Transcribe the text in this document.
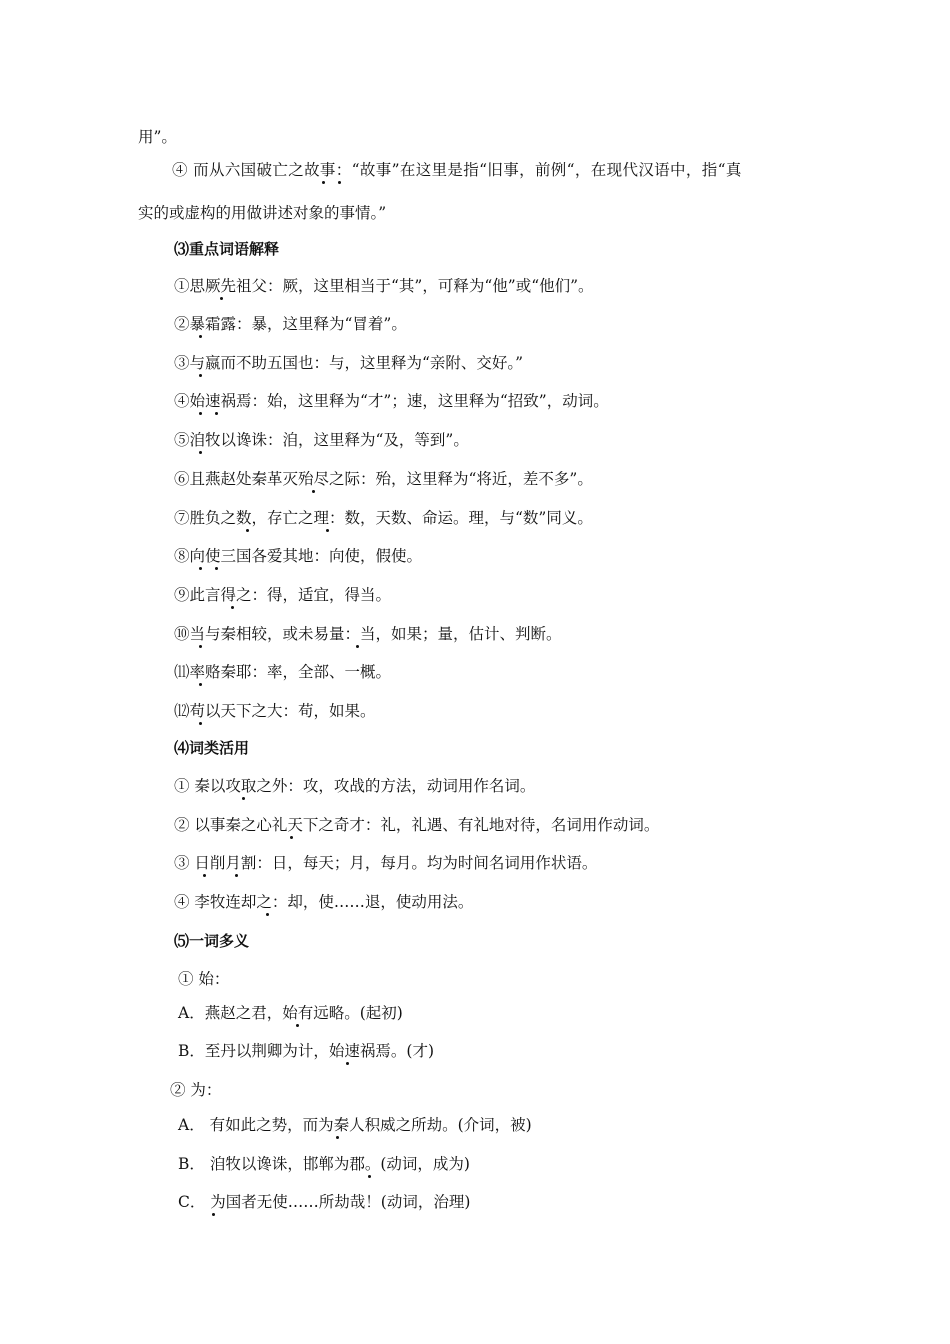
用”。
④ 而从六国破亡之故事：“故事”在这里是指“旧事，前例“，在现代汉语中，指“真
实的或虚构的用做讲述对象的事情。”
⑶重点词语解释
①思厥先祖父：厥，这里相当于“其”，可释为“他”或“他们”。
②暴霜露：暴，这里释为“冒着”。
③与嬴而不助五国也：与，这里释为“亲附、交好。”
④始速祸焉：始，这里释为“才”；速，这里释为“招致”，动词。
⑤洎牧以谗诛：洎，这里释为“及，等到”。
⑥且燕赵处秦革灭殆尽之际：殆，这里释为“将近，差不多”。
⑦胜负之数，存亡之理：数，天数、命运。理，与“数”同义。
⑧向使三国各爱其地：向使，假使。
⑨此言得之：得，适宜，得当。
⑩当与秦相较，或未易量：当，如果；量，估计、判断。
⑾率赂秦耶：率，全部、一概。
⑿苟以天下之大：苟，如果。
⑷词类活用
① 秦以攻取之外：攻，攻战的方法，动词用作名词。
② 以事秦之心礼天下之奇才：礼，礼遇、有礼地对待，名词用作动词。
③ 日削月割：日，每天；月，每月。均为时间名词用作状语。
④ 李牧连却之：却，使……退，使动用法。
⑸一词多义
① 始：
A．燕赵之君，始有远略。(起初)
B．至丹以荆卿为计，始速祸焉。(才)
② 为：
A． 有如此之势，而为秦人积威之所劫。(介词，被)
B． 洎牧以谗诛，邯郸为郡。(动词，成为)
C． 为国者无使……所劫哉！(动词，治理)
